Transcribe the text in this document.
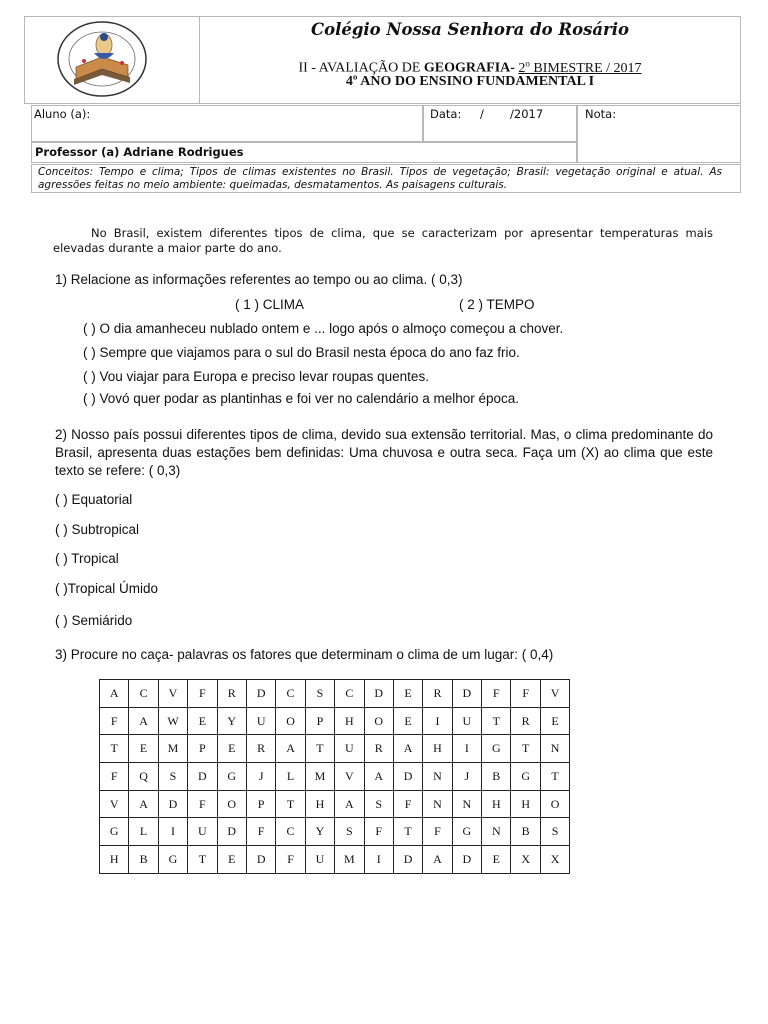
Colégio Nossa Senhora do Rosário
II - AVALIAÇÃO DE GEOGRAFIA- 2$^o$ BIMESTRE / 2017
4º ANO DO ENSINO FUNDAMENTAL I
Aluno (a):	Data: / /2017	Nota:
Professor (a) Adriane Rodrigues
Conceitos: Tempo e clima; Tipos de climas existentes no Brasil. Tipos de vegetação; Brasil: vegetação original e atual. As agressões feitas no meio ambiente: queimadas, desmatamentos. As paisagens culturais.
No Brasil, existem diferentes tipos de clima, que se caracterizam por apresentar temperaturas mais elevadas durante a maior parte do ano.
1) Relacione as informações referentes ao tempo ou ao clima. ( 0,3)
( 1 ) CLIMA	( 2 ) TEMPO
( ) O dia amanheceu nublado ontem e ... logo após o almoço começou a chover.
( ) Sempre que viajamos para o sul do Brasil nesta época do ano faz frio.
( ) Vou viajar para Europa e preciso levar roupas quentes.
( ) Vovó quer podar as plantinhas e foi ver no calendário a melhor época.
2) Nosso país possui diferentes tipos de clima, devido sua extensão territorial. Mas, o clima predominante do Brasil, apresenta duas estações bem definidas: Uma chuvosa e outra seca. Faça um (X) ao clima que este texto se refere: ( 0,3)
( ) Equatorial
( ) Subtropical
( ) Tropical
( )Tropical Úmido
( ) Semiárido
3) Procure no caça- palavras os fatores que determinam o clima de um lugar: ( 0,4)
A	C	V	F	R	D	C	S	C	D	E	R	D	F	F	V
F	A	W	E	Y	U	O	P	H	O	E	I	U	T	R	E
T	E	M	P	E	R	A	T	U	R	A	H	I	G	T	N
F	Q	S	D	G	J	L	M	V	A	D	N	J	B	G	T
V	A	D	F	O	P	T	H	A	S	F	N	N	H	H	O
G	L	I	U	D	F	C	Y	S	F	T	F	G	N	B	S
H	B	G	T	E	D	F	U	M	I	D	A	D	E	X	X
